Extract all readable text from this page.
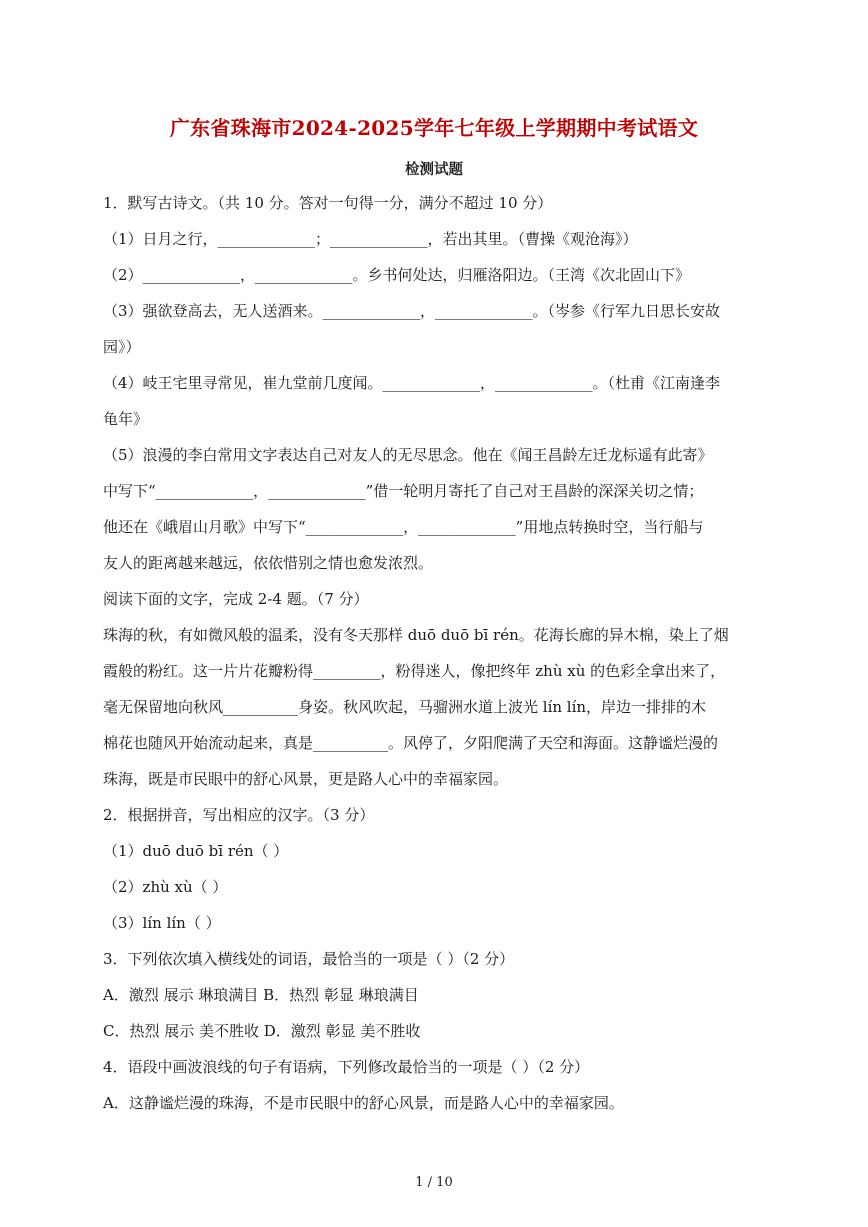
广东省珠海市2024-2025学年七年级上学期期中考试语文
检测试题
1．默写古诗文。（共 10 分。答对一句得一分，满分不超过 10 分）
（1）日月之行，_____________；_____________，若出其里。（曹操《观沧海》）
（2）_____________，_____________。乡书何处达，归雁洛阳边。（王湾《次北固山下》
（3）强欲登高去，无人送酒来。_____________，_____________。（岑参《行军九日思长安故
园》）
（4）岐王宅里寻常见，崔九堂前几度闻。_____________，_____________。（杜甫《江南逢李
龟年》
（5）浪漫的李白常用文字表达自己对友人的无尽思念。他在《闻王昌龄左迁龙标遥有此寄》
中写下“_____________，_____________”借一轮明月寄托了自己对王昌龄的深深关切之情；
他还在《峨眉山月歌》中写下“_____________，_____________”用地点转换时空，当行船与
友人的距离越来越远，依依惜别之情也愈发浓烈。
阅读下面的文字，完成 2-4 题。（7 分）
珠海的秋，有如微风般的温柔，没有冬天那样 duō duō bī rén。花海长廊的异木棉，染上了烟
霞般的粉红。这一片片花瓣粉得_________，粉得迷人，像把终年 zhù xù 的色彩全拿出来了，
毫无保留地向秋风__________身姿。秋风吹起，马骝洲水道上波光 lín lín，岸边一排排的木
棉花也随风开始流动起来，真是__________。风停了，夕阳爬满了天空和海面。这静谧烂漫的
珠海，既是市民眼中的舒心风景，更是路人心中的幸福家园。
2．根据拼音，写出相应的汉字。（3 分）
（1）duō duō bī rén（ ）
（2）zhù xù（ ）
（3）lín lín（ ）
3．下列依次填入横线处的词语，最恰当的一项是（ ）（2 分）
A．激烈 展示 琳琅满目 B．热烈 彰显 琳琅满目
C．热烈 展示 美不胜收 D．激烈 彰显 美不胜收
4．语段中画波浪线的句子有语病，下列修改最恰当的一项是（ ）（2 分）
A．这静谧烂漫的珠海，不是市民眼中的舒心风景，而是路人心中的幸福家园。
1 / 10
